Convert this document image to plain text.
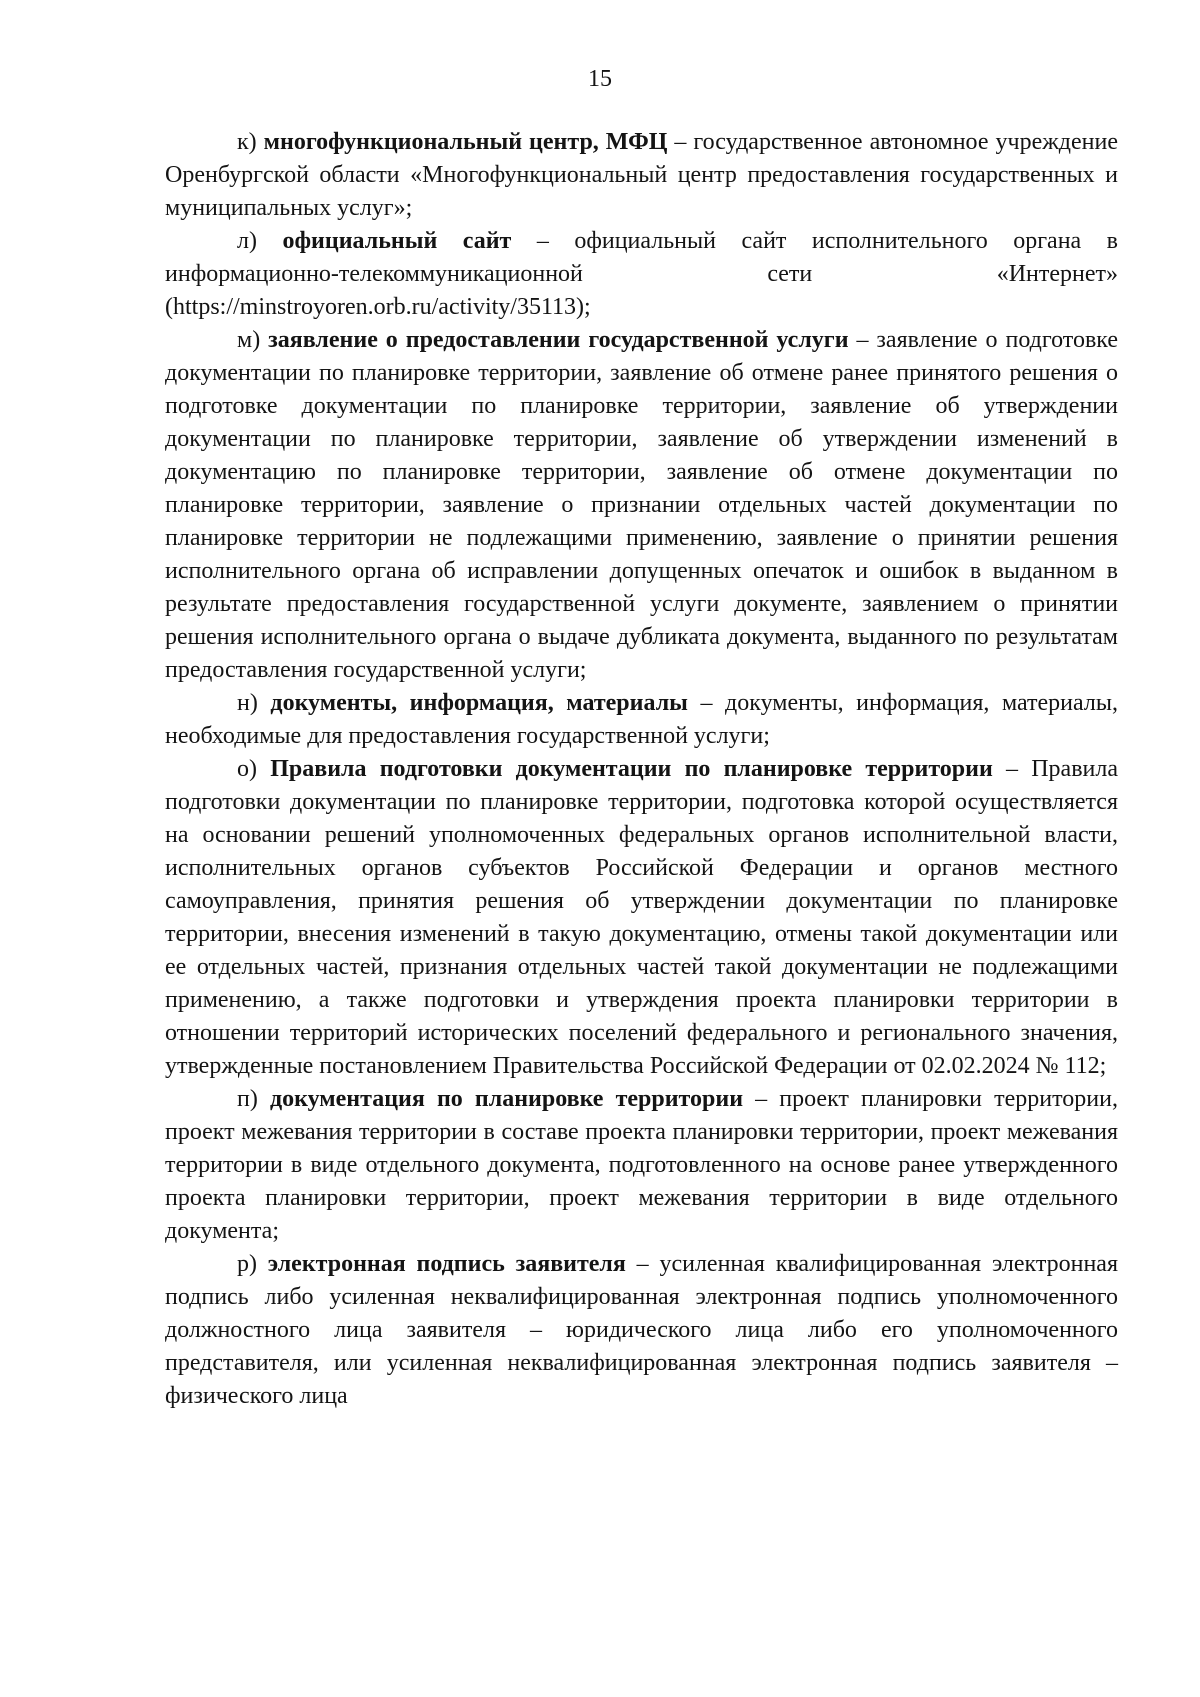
15

к) многофункциональный центр, МФЦ – государственное автономное учреждение Оренбургской области «Многофункциональный центр предоставления государственных и муниципальных услуг»;

л) официальный сайт – официальный сайт исполнительного органа в информационно-телекоммуникационной сети «Интернет» (https://minstroyoren.orb.ru/activity/35113);

м) заявление о предоставлении государственной услуги – заявление о подготовке документации по планировке территории, заявление об отмене ранее принятого решения о подготовке документации по планировке территории, заявление об утверждении документации по планировке территории, заявление об утверждении изменений в документацию по планировке территории, заявление об отмене документации по планировке территории, заявление о признании отдельных частей документации по планировке территории не подлежащими применению, заявление о принятии решения исполнительного органа об исправлении допущенных опечаток и ошибок в выданном в результате предоставления государственной услуги документе, заявлением о принятии решения исполнительного органа о выдаче дубликата документа, выданного по результатам предоставления государственной услуги;

н) документы, информация, материалы – документы, информация, материалы, необходимые для предоставления государственной услуги;

о) Правила подготовки документации по планировке территории – Правила подготовки документации по планировке территории, подготовка которой осуществляется на основании решений уполномоченных федеральных органов исполнительной власти, исполнительных органов субъектов Российской Федерации и органов местного самоуправления, принятия решения об утверждении документации по планировке территории, внесения изменений в такую документацию, отмены такой документации или ее отдельных частей, признания отдельных частей такой документации не подлежащими применению, а также подготовки и утверждения проекта планировки территории в отношении территорий исторических поселений федерального и регионального значения, утвержденные постановлением Правительства Российской Федерации от 02.02.2024 № 112;

п) документация по планировке территории – проект планировки территории, проект межевания территории в составе проекта планировки территории, проект межевания территории в виде отдельного документа, подготовленного на основе ранее утвержденного проекта планировки территории, проект межевания территории в виде отдельного документа;

р) электронная подпись заявителя – усиленная квалифицированная электронная подпись либо усиленная неквалифицированная электронная подпись уполномоченного должностного лица заявителя – юридического лица либо его уполномоченного представителя, или усиленная неквалифицированная электронная подпись заявителя – физического лица
